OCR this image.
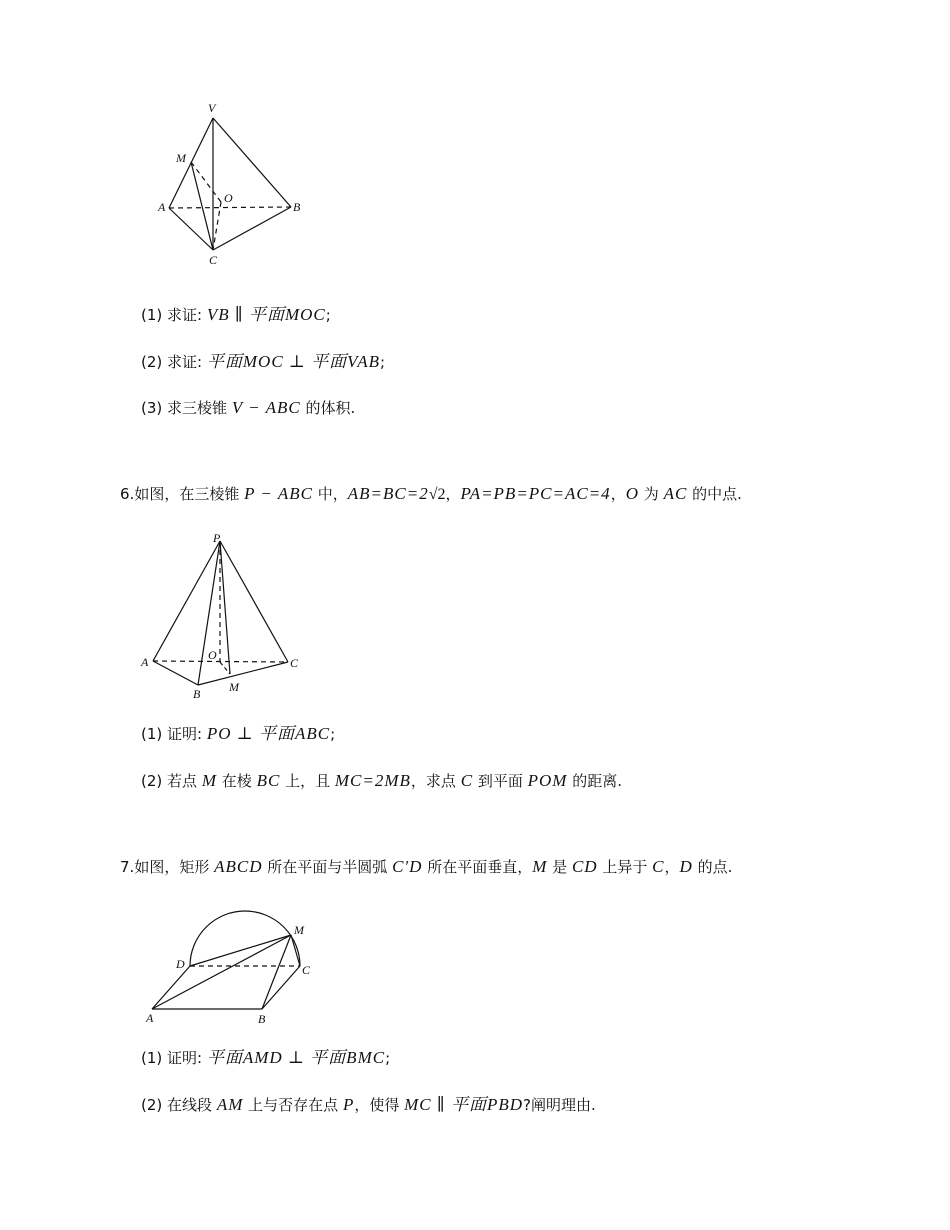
V
M
O
A	B
C
(1) 求证: VB ∥ 平面MOC;
(2) 求证: 平面MOC ⊥ 平面VAB;
(3) 求三棱锥 V − ABC 的体积.
6.如图，在三棱锥 P − ABC 中，AB=BC=2√2，PA=PB=PC=AC=4，O 为 AC 的中点.
P
A	O
C
B M
(1) 证明: PO ⊥ 平面ABC;
(2) 若点 M 在棱 BC 上，且 MC=2MB，求点 C 到平面 POM 的距离.
7.如图，矩形 ABCD 所在平面与半圆弧 C′D 所在平面垂直，M 是 CD 上异于 C，D 的点.
M
D	C
A	B
(1) 证明: 平面AMD ⊥ 平面BMC;
(2) 在线段 AM 上与否存在点 P，使得 MC ∥ 平面PBD?阐明理由.
